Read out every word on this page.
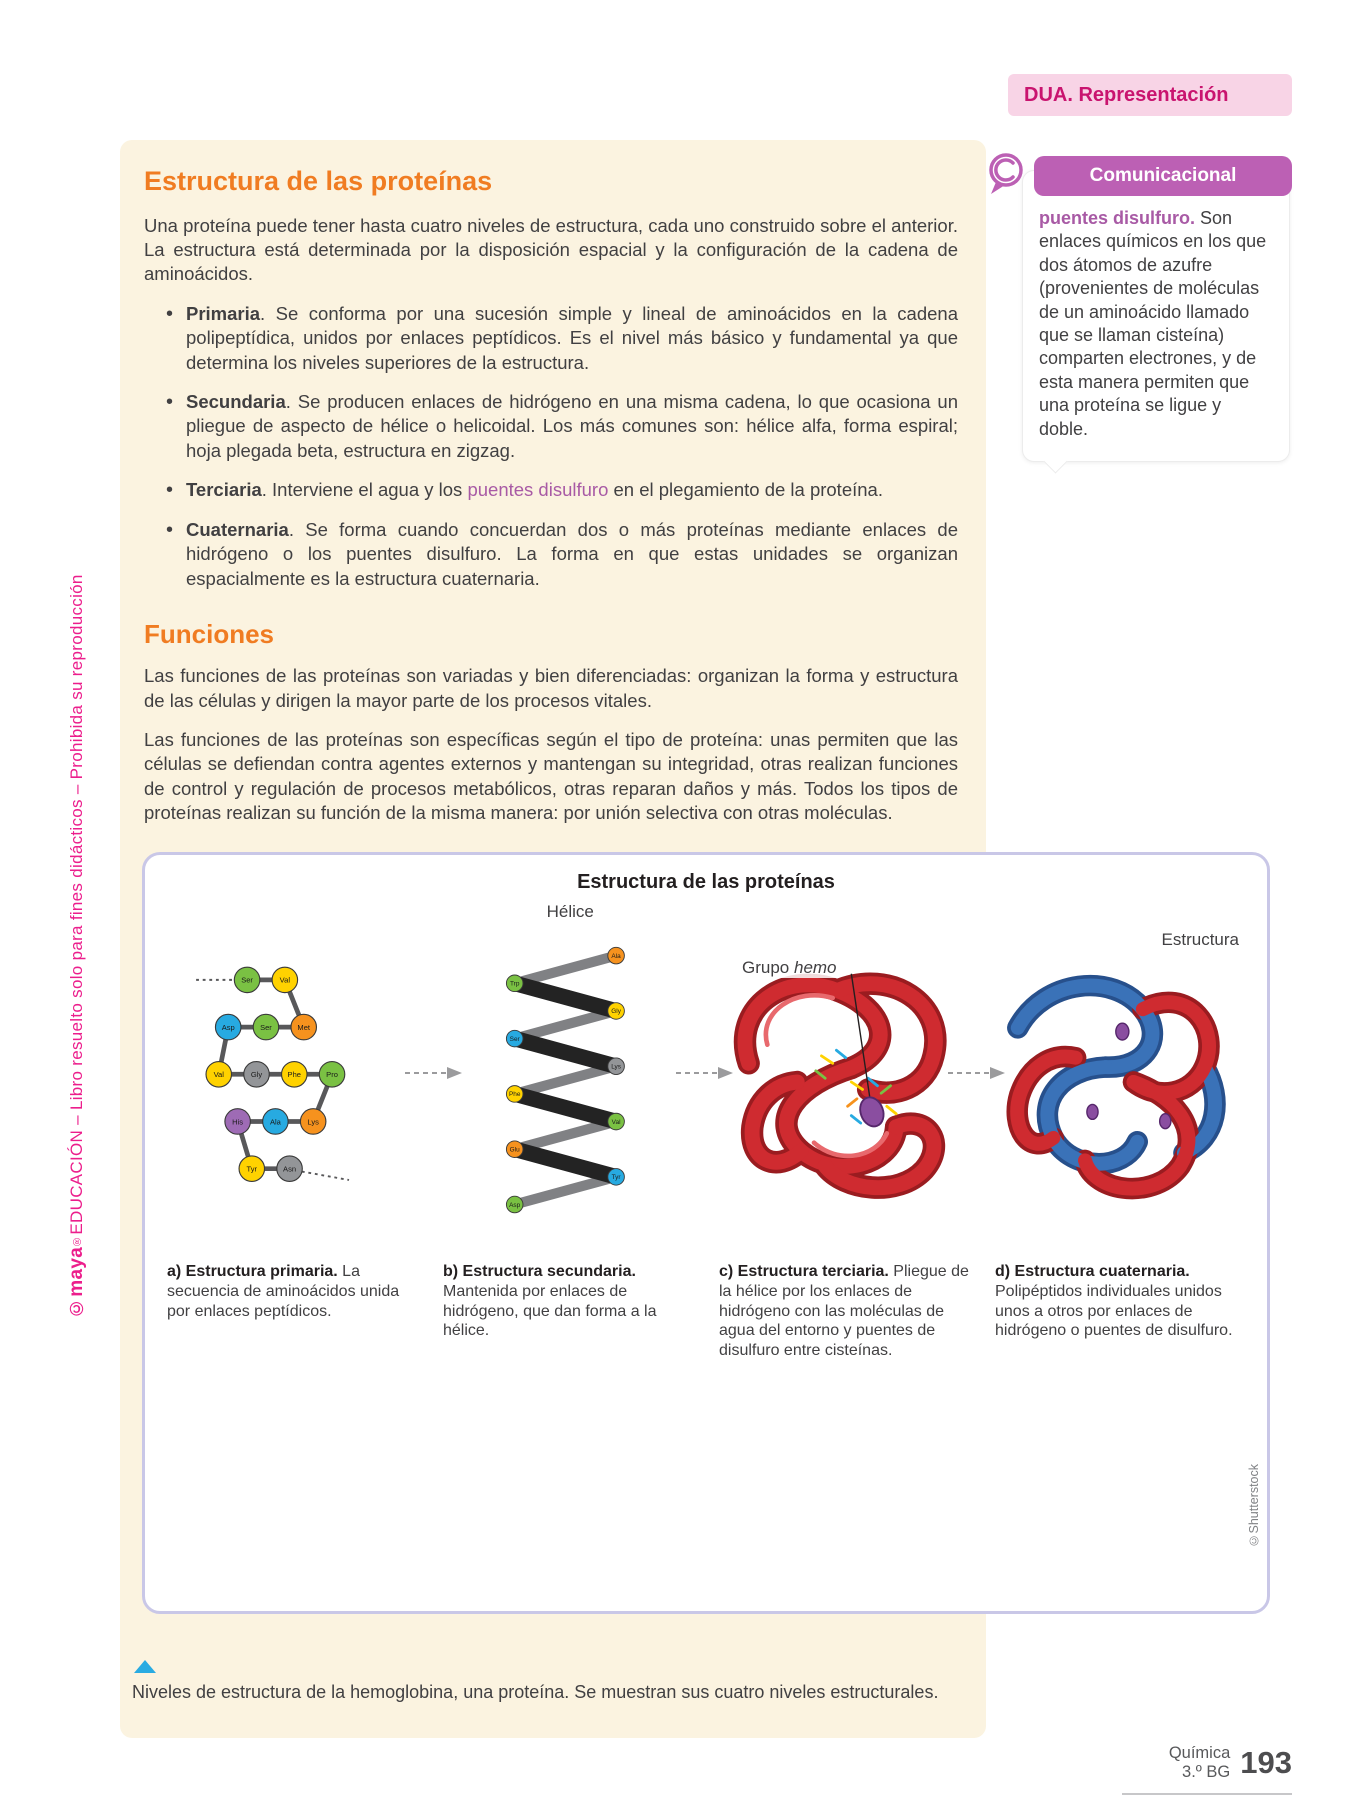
©maya®EDUCACIÓN – Libro resuelto solo para fines didácticos – Prohibida su reproducción
DUA . Representación
Estructura de las proteínas

Una proteína puede tener hasta cuatro niveles de estructura, cada uno construido sobre el anterior. La estructura está determinada por la disposición espacial y la configuración de la cadena de aminoácidos.

• Primaria. Se conforma por una sucesión simple y lineal de aminoácidos en la cadena polipeptídica, unidos por enlaces peptídicos. Es el nivel más básico y fundamental ya que determina los niveles superiores de la estructura.
• Secundaria. Se producen enlaces de hidrógeno en una misma cadena, lo que ocasiona un pliegue de aspecto de hélice o helicoidal. Los más comunes son: hélice alfa, forma espiral; hoja plegada beta, estructura en zigzag.
• Terciaria. Interviene el agua y los puentes disulfuro en el plegamiento de la proteína.
• Cuaternaria. Se forma cuando concuerdan dos o más proteínas mediante enlaces de hidrógeno o los puentes disulfuro. La forma en que estas unidades se organizan espacialmente es la estructura cuaternaria.
Funciones

Las funciones de las proteínas son variadas y bien diferenciadas: organizan la forma y estructura de las células y dirigen la mayor parte de los procesos vitales.

Las funciones de las proteínas son específicas según el tipo de proteína: unas permiten que las células se defiendan contra agentes externos y mantengan su integridad, otras realizan funciones de control y regulación de procesos metabólicos, otras reparan daños y más. Todos los tipos de proteínas realizan su función de la misma manera: por unión selectiva con otras moléculas.

Comunicacional
puentes disulfuro. Son enlaces químicos en los que dos átomos de azufre (provenientes de moléculas de un aminoácido llamado que se llaman cisteína) comparten electrones, y de esta manera permiten que una proteína se ligue y doble.
Estructura de las proteínas
Ser	Val
Met
Ser
Asp
Val	Gly	Phe	Pro
Lys
Ala
His
Tyr	Asn
Hélice
Ala
Trp
Gly
Ser
Lys
Phe
Val
Glu
Tyr
Asp
Grupo hemo
Estructura
a) Estructura primaria. La secuencia de aminoácidos unida por enlaces peptídicos.
b) Estructura secundaria. Mantenida por enlaces de hidrógeno, que dan forma a la hélice.
c) Estructura terciaria. Pliegue de la hélice por los enlaces de hidrógeno con las moléculas de agua del entorno y puentes de disulfuro entre cisteínas.
d) Estructura cuaternaria. Polipéptidos individuales unidos unos a otros por enlaces de hidrógeno o puentes de disulfuro.
©Shutterstock
Niveles de estructura de la hemoglobina, una proteína. Se muestran sus cuatro niveles estructurales.
Química
3.º BG 193
